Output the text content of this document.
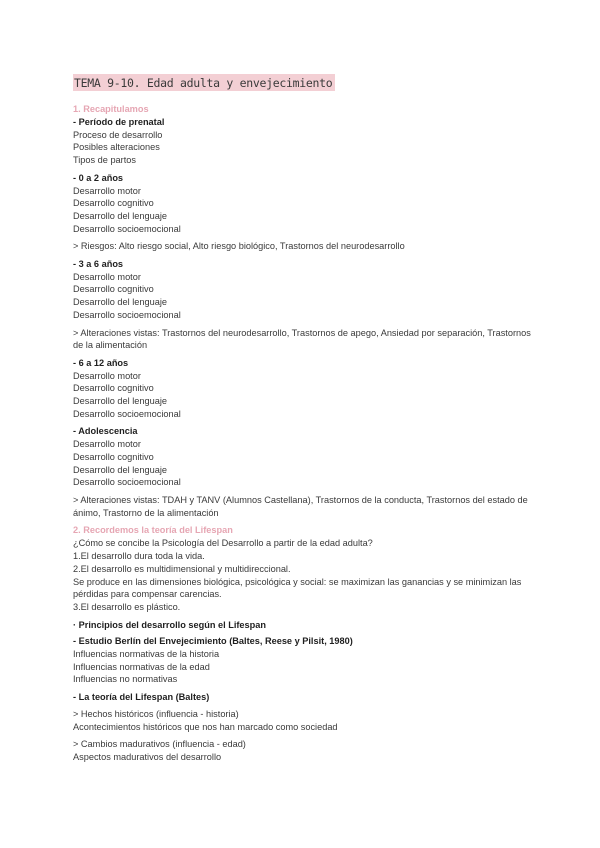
TEMA 9-10. Edad adulta y envejecimiento
1. Recapitulamos
- Período de prenatal
Proceso de desarrollo
Posibles alteraciones
Tipos de partos
- 0 a 2 años
Desarrollo motor
Desarrollo cognitivo
Desarrollo del lenguaje
Desarrollo socioemocional
> Riesgos: Alto riesgo social, Alto riesgo biológico, Trastornos del neurodesarrollo
- 3 a 6 años
Desarrollo motor
Desarrollo cognitivo
Desarrollo del lenguaje
Desarrollo socioemocional
> Alteraciones vistas: Trastornos del neurodesarrollo, Trastornos de apego, Ansiedad por separación, Trastornos de la alimentación
- 6 a 12 años
Desarrollo motor
Desarrollo cognitivo
Desarrollo del lenguaje
Desarrollo socioemocional
- Adolescencia
Desarrollo motor
Desarrollo cognitivo
Desarrollo del lenguaje
Desarrollo socioemocional
> Alteraciones vistas: TDAH y TANV (Alumnos Castellana), Trastornos de la conducta, Trastornos del estado de ánimo, Trastorno de la alimentación
2. Recordemos la teoría del Lifespan
¿Cómo se concibe la Psicología del Desarrollo a partir de la edad adulta?
1.El desarrollo dura toda la vida.
2.El desarrollo es multidimensional y multidireccional.
Se produce en las dimensiones biológica, psicológica y social: se maximizan las ganancias y se minimizan las pérdidas para compensar carencias.
3.El desarrollo es plástico.
· Principios del desarrollo según el Lifespan
- Estudio Berlín del Envejecimiento (Baltes, Reese y Pilsit, 1980)
Influencias normativas de la historia
Influencias normativas de la edad
Influencias no normativas
- La teoría del Lifespan (Baltes)
> Hechos históricos (influencia - historia)
Acontecimientos históricos que nos han marcado como sociedad
> Cambios madurativos (influencia - edad)
Aspectos madurativos del desarrollo
